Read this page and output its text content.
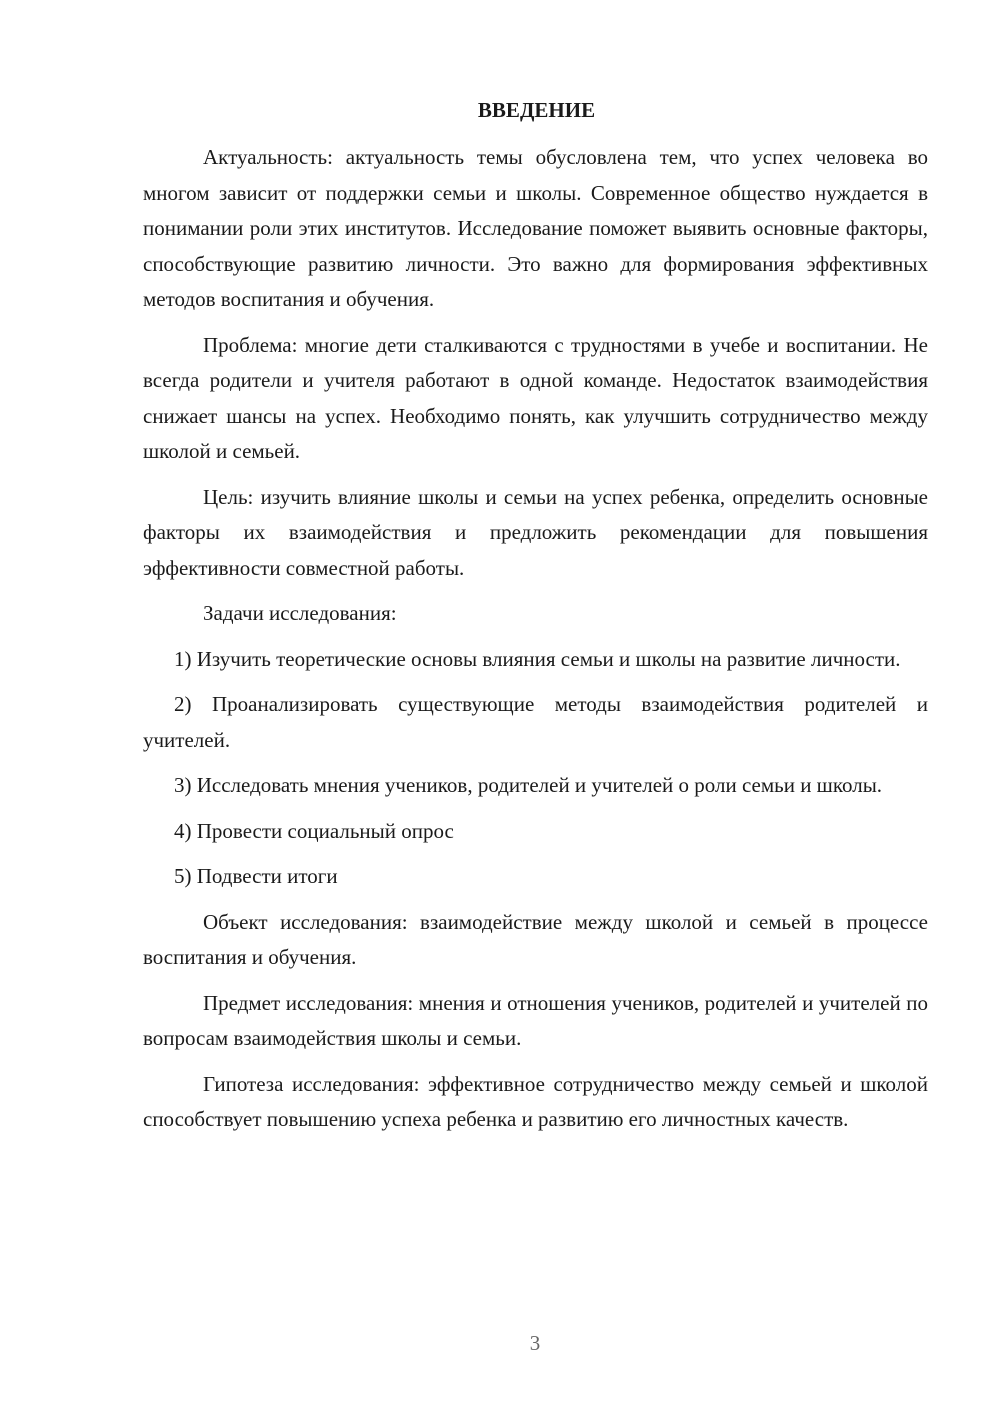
ВВЕДЕНИЕ

Актуальность: актуальность темы обусловлена тем, что успех человека во многом зависит от поддержки семьи и школы. Современное общество нуждается в понимании роли этих институтов. Исследование поможет выявить основные факторы, способствующие развитию личности. Это важно для формирования эффективных методов воспитания и обучения.

Проблема: многие дети сталкиваются с трудностями в учебе и воспитании. Не всегда родители и учителя работают в одной команде. Недостаток взаимодействия снижает шансы на успех. Необходимо понять, как улучшить сотрудничество между школой и семьей.

Цель: изучить влияние школы и семьи на успех ребенка, определить основные факторы их взаимодействия и предложить рекомендации для повышения эффективности совместной работы.

Задачи исследования:

1) Изучить теоретические основы влияния семьи и школы на развитие личности.

2) Проанализировать существующие методы взаимодействия родителей и учителей.

3) Исследовать мнения учеников, родителей и учителей о роли семьи и школы.

4) Провести социальный опрос

5) Подвести итоги

Объект исследования: взаимодействие между школой и семьей в процессе воспитания и обучения.

Предмет исследования: мнения и отношения учеников, родителей и учителей по вопросам взаимодействия школы и семьи.

Гипотеза исследования: эффективное сотрудничество между семьей и школой способствует повышению успеха ребенка и развитию его личностных качеств.

3
